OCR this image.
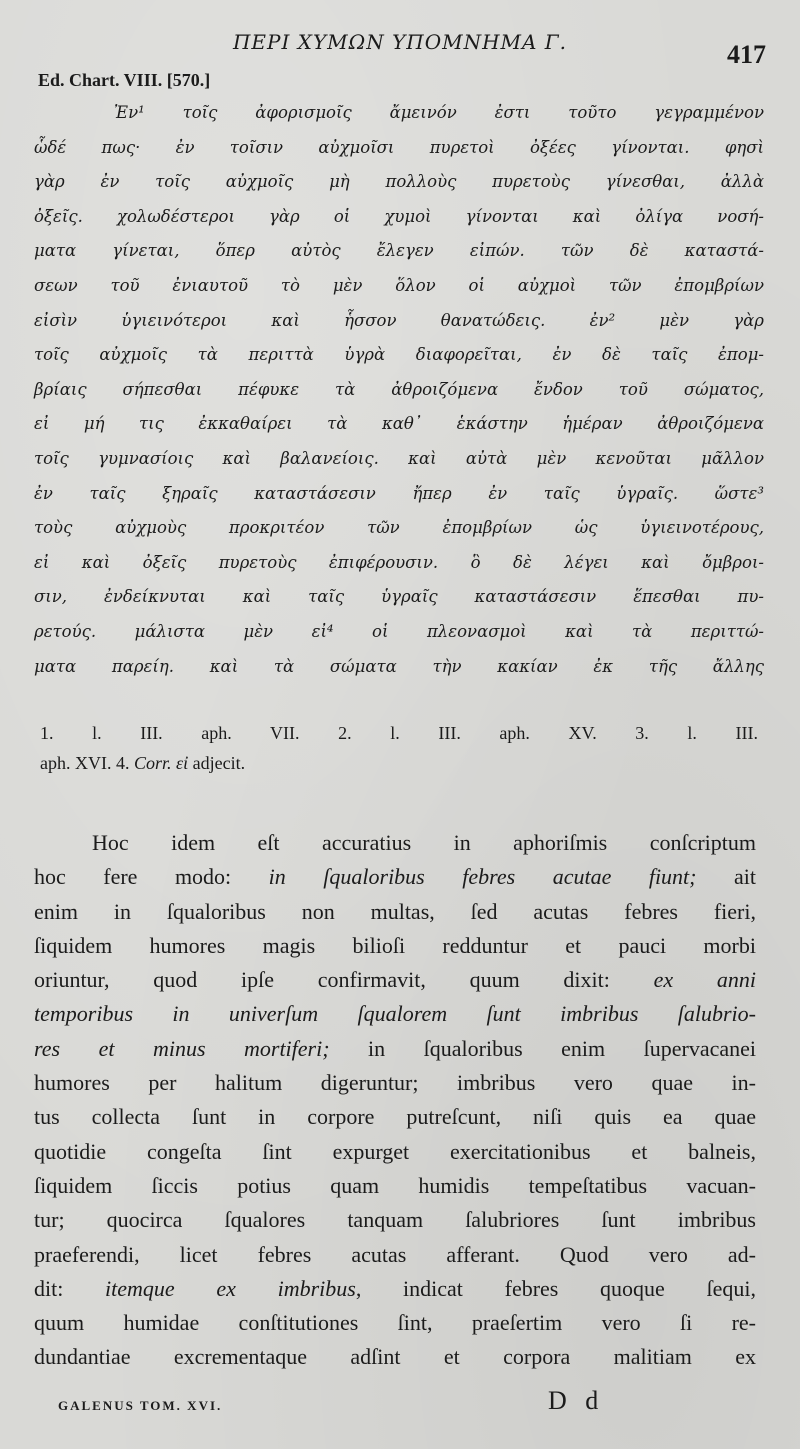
ΠΕΡΙ ΧΥΜΩΝ ΥΠΟΜΝΗΜΑ Γ.	417
Ed. Chart. VIII. [570.]
Ἐν¹ τοῖς ἀφορισμοῖς ἄμεινόν ἐστι τοῦτο γεγραμμένον
ὧδέ πως· ἐν τοῖσιν αὐχμοῖσι πυρετοὶ ὀξέες γίνονται. φησὶ
γὰρ ἐν τοῖς αὐχμοῖς μὴ πολλοὺς πυρετοὺς γίνεσθαι, ἀλλὰ
ὀξεῖς. χολωδέστεροι γὰρ οἱ χυμοὶ γίνονται καὶ ὀλίγα νοσή-
ματα γίνεται, ὅπερ αὐτὸς ἔλεγεν εἰπών. τῶν δὲ καταστά-
σεων τοῦ ἐνιαυτοῦ τὸ μὲν ὅλον οἱ αὐχμοὶ τῶν ἐπομβρίων
εἰσὶν ὑγιεινότεροι καὶ ἧσσον θανατώδεις. ἐν² μὲν γὰρ
τοῖς αὐχμοῖς τὰ περιττὰ ὑγρὰ διαφορεῖται, ἐν δὲ ταῖς ἐπομ-
βρίαις σήπεσθαι πέφυκε τὰ ἀθροιζόμενα ἔνδον τοῦ σώματος,
εἰ μή τις ἐκκαθαίρει τὰ καθ᾽ ἑκάστην ἡμέραν ἀθροιζόμενα
τοῖς γυμνασίοις καὶ βαλανείοις. καὶ αὐτὰ μὲν κενοῦται μᾶλλον
ἐν ταῖς ξηραῖς καταστάσεσιν ἤπερ ἐν ταῖς ὑγραῖς. ὥστε³
τοὺς αὐχμοὺς προκριτέον τῶν ἐπομβρίων ὡς ὑγιεινοτέρους,
εἰ καὶ ὀξεῖς πυρετοὺς ἐπιφέρουσιν. ὃ δὲ λέγει καὶ ὄμβροι-
σιν, ἐνδείκνυται καὶ ταῖς ὑγραῖς καταστάσεσιν ἕπεσθαι πυ-
ρετούς. μάλιστα μὲν εἰ⁴ οἱ πλεονασμοὶ καὶ τὰ περιττώ-
ματα παρείη. καὶ τὰ σώματα τὴν κακίαν ἐκ τῆς ἄλλης
1. l. III. aph. VII. 2. l. III. aph. XV. 3. l. III.
aph. XVI. 4. Corr. εἰ adjecit.
Hoc idem eſt accuratius in aphoriſmis conſcriptum
hoc fere modo: in ſqualoribus febres acutae fiunt; ait
enim in ſqualoribus non multas, ſed acutas febres fieri,
ſiquidem humores magis bilioſi redduntur et pauci morbi
oriuntur, quod ipſe confirmavit, quum dixit: ex anni
temporibus in univerſum ſqualorem ſunt imbribus ſalubrio-
res et minus mortiferi; in ſqualoribus enim ſupervacanei
humores per halitum digeruntur; imbribus vero quae in-
tus collecta ſunt in corpore putreſcunt, niſi quis ea quae
quotidie congeſta ſint expurget exercitationibus et balneis,
ſiquidem ſiccis potius quam humidis tempeſtatibus vacuan-
tur; quocirca ſqualores tanquam ſalubriores ſunt imbribus
praeferendi, licet febres acutas afferant. Quod vero ad-
dit: itemque ex imbribus, indicat febres quoque ſequi,
quum humidae conſtitutiones ſint, praeſertim vero ſi re-
dundantiae excrementaque adſint et corpora malitiam ex
GALENUS TOM. XVI.	D d
